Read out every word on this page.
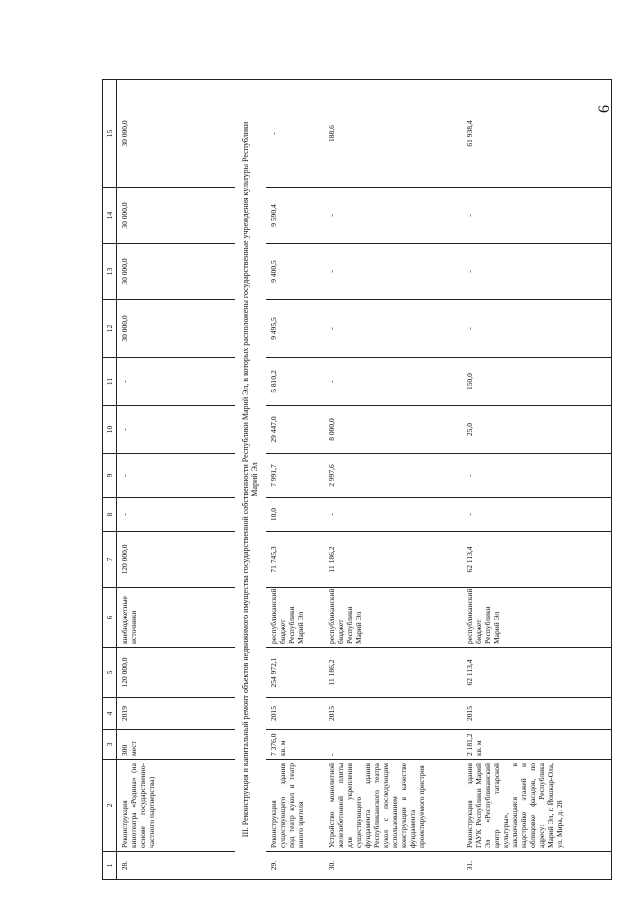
6
1	2	3	4	5	6	7	8	9	10	11	12	13	14	15
28.	Реконструкция кинотеатра «Родина» (на основе государственно-частного партнерства)	300 мест	2019	120 000,0	внебюджетные источники	120 000,0	-	-	-	-	30 000,0	30 000,0	30 000,0	30 000,0
III. Реконструкция и капитальный ремонт объектов недвижимого имущества государственной собственности Республики Марий Эл, в которых расположены государственные учреждения культуры Республики Марий Эл														
29.	Реконструкция существующего здания под театр кукол и театр юного зрителя	7 376,0 кв. м	2015	254 972,1	республиканский бюджет Республики Марий Эл	71 745,3	10,0	7 991,7	29 447,0	5 810,2	9 495,5	9 400,5	9 590,4	-
30.	Устройство монолитной железобетонной плиты для укрепления существующего фундамента здания Республиканского театра кукол с последующим использованием конструкции в качестве фундамента проектируемого пристроя	-	2015	11 186,2	республиканский бюджет Республики Марий Эл	11 186,2	-	2 997,6	8 000,0	-	-	-	-	188,6
31.	Реконструкция здания ГАУК Республики Марий Эл «Республиканский центр татарской культуры», заключающаяся в надстройке этажей и облицовке фасадов, по адресу: Республика Марий Эл, г. Йошкар-Ола, ул. Мира, д. 28	2 181,2 кв. м	2015	62 113,4	республиканский бюджет Республики Марий Эл	62 113,4	-	-	25,0	150,0	-	-	-	61 938,4
